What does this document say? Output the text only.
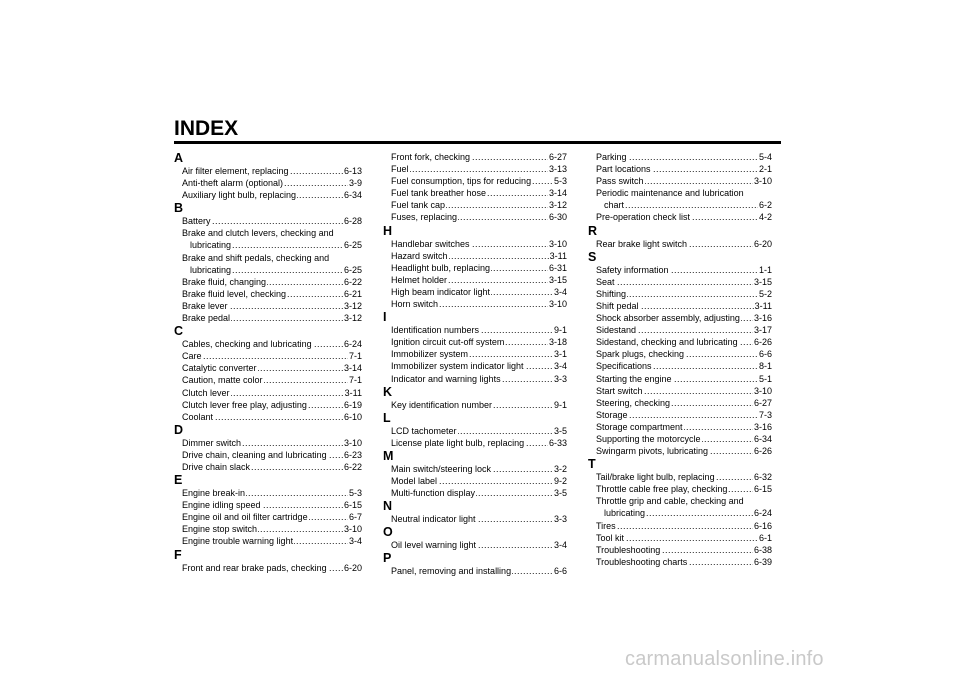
INDEX
A
Air filter element, replacing	6-13
.....
Anti-theft alarm (optional)	3-9
.....
Auxiliary light bulb, replacing	6-34
.....
B
Battery	6-28
.....
Brake and clutch levers, checking and
lubricating	6-25
.....
Brake and shift pedals, checking and
lubricating	6-25
.....
Brake fluid, changing	6-22
.....
Brake fluid level, checking	6-21
.....
Brake lever	3-12
.....
Brake pedal	3-12
.....
C
Cables, checking and lubricating	6-24
.....
Care	7-1
.....
Catalytic converter	3-14
.....
Caution, matte color	7-1
.....
Clutch lever	3-11
.....
Clutch lever free play, adjusting	6-19
.....
Coolant	6-10
.....
D
Dimmer switch	3-10
.....
Drive chain, cleaning and lubricating 6-23
.....
Drive chain slack	6-22
.....
E
Engine break-in	5-3
.....
Engine idling speed	6-15
.....
Engine oil and oil filter cartridge	6-7
.....
Engine stop switch	3-10
.....
Engine trouble warning light	3-4
.....
F
Front and rear brake pads, checking 6-20
.....
Front fork, checking	6-27
.....
Fuel	3-13
.....
Fuel consumption, tips for reducing	5-3
.....
Fuel tank breather hose	3-14
.....
Fuel tank cap	3-12
.....
Fuses, replacing	6-30
.....
H
Handlebar switches	3-10
.....
Hazard switch	3-11
.....
Headlight bulb, replacing	6-31
.....
Helmet holder	3-15
.....
High beam indicator light	3-4
.....
Horn switch	3-10
.....
I
Identification numbers	9-1
.....
Ignition circuit cut-off system	3-18
.....
Immobilizer system	3-1
.....
Immobilizer system indicator light	3-4
.....
Indicator and warning lights	3-3
.....
K
Key identification number	9-1
.....
L
LCD tachometer	3-5
.....
License plate light bulb, replacing	6-33
.....
M
Main switch/steering lock	3-2
.....
Model label	9-2
.....
Multi-function display	3-5
.....
N
Neutral indicator light	3-3
.....
O
Oil level warning light	3-4
.....
P
Panel, removing and installing	6-6
.....
Parking	5-4
.....
Part locations	2-1
.....
Pass switch	3-10
.....
Periodic maintenance and lubrication
chart	6-2
.....
Pre-operation check list	4-2
.....
R
Rear brake light switch	6-20
.....
S
Safety information	1-1
.....
Seat	3-15
.....
Shifting	5-2
.....
Shift pedal	3-11
.....
Shock absorber assembly, adjusting 3-16
.....
Sidestand	3-17
.....
Sidestand, checking and lubricating 6-26
.....
Spark plugs, checking	6-6
.....
Specifications	8-1
.....
Starting the engine	5-1
.....
Start switch	3-10
.....
Steering, checking	6-27
.....
Storage	7-3
.....
Storage compartment	3-16
.....
Supporting the motorcycle	6-34
.....
Swingarm pivots, lubricating	6-26
.....
T
Tail/brake light bulb, replacing	6-32
.....
Throttle cable free play, checking	6-15
.....
Throttle grip and cable, checking and
lubricating	6-24
.....
Tires	6-16
.....
Tool kit	6-1
.....
Troubleshooting	6-38
.....
Troubleshooting charts	6-39
.....
carmanualsonline.info
